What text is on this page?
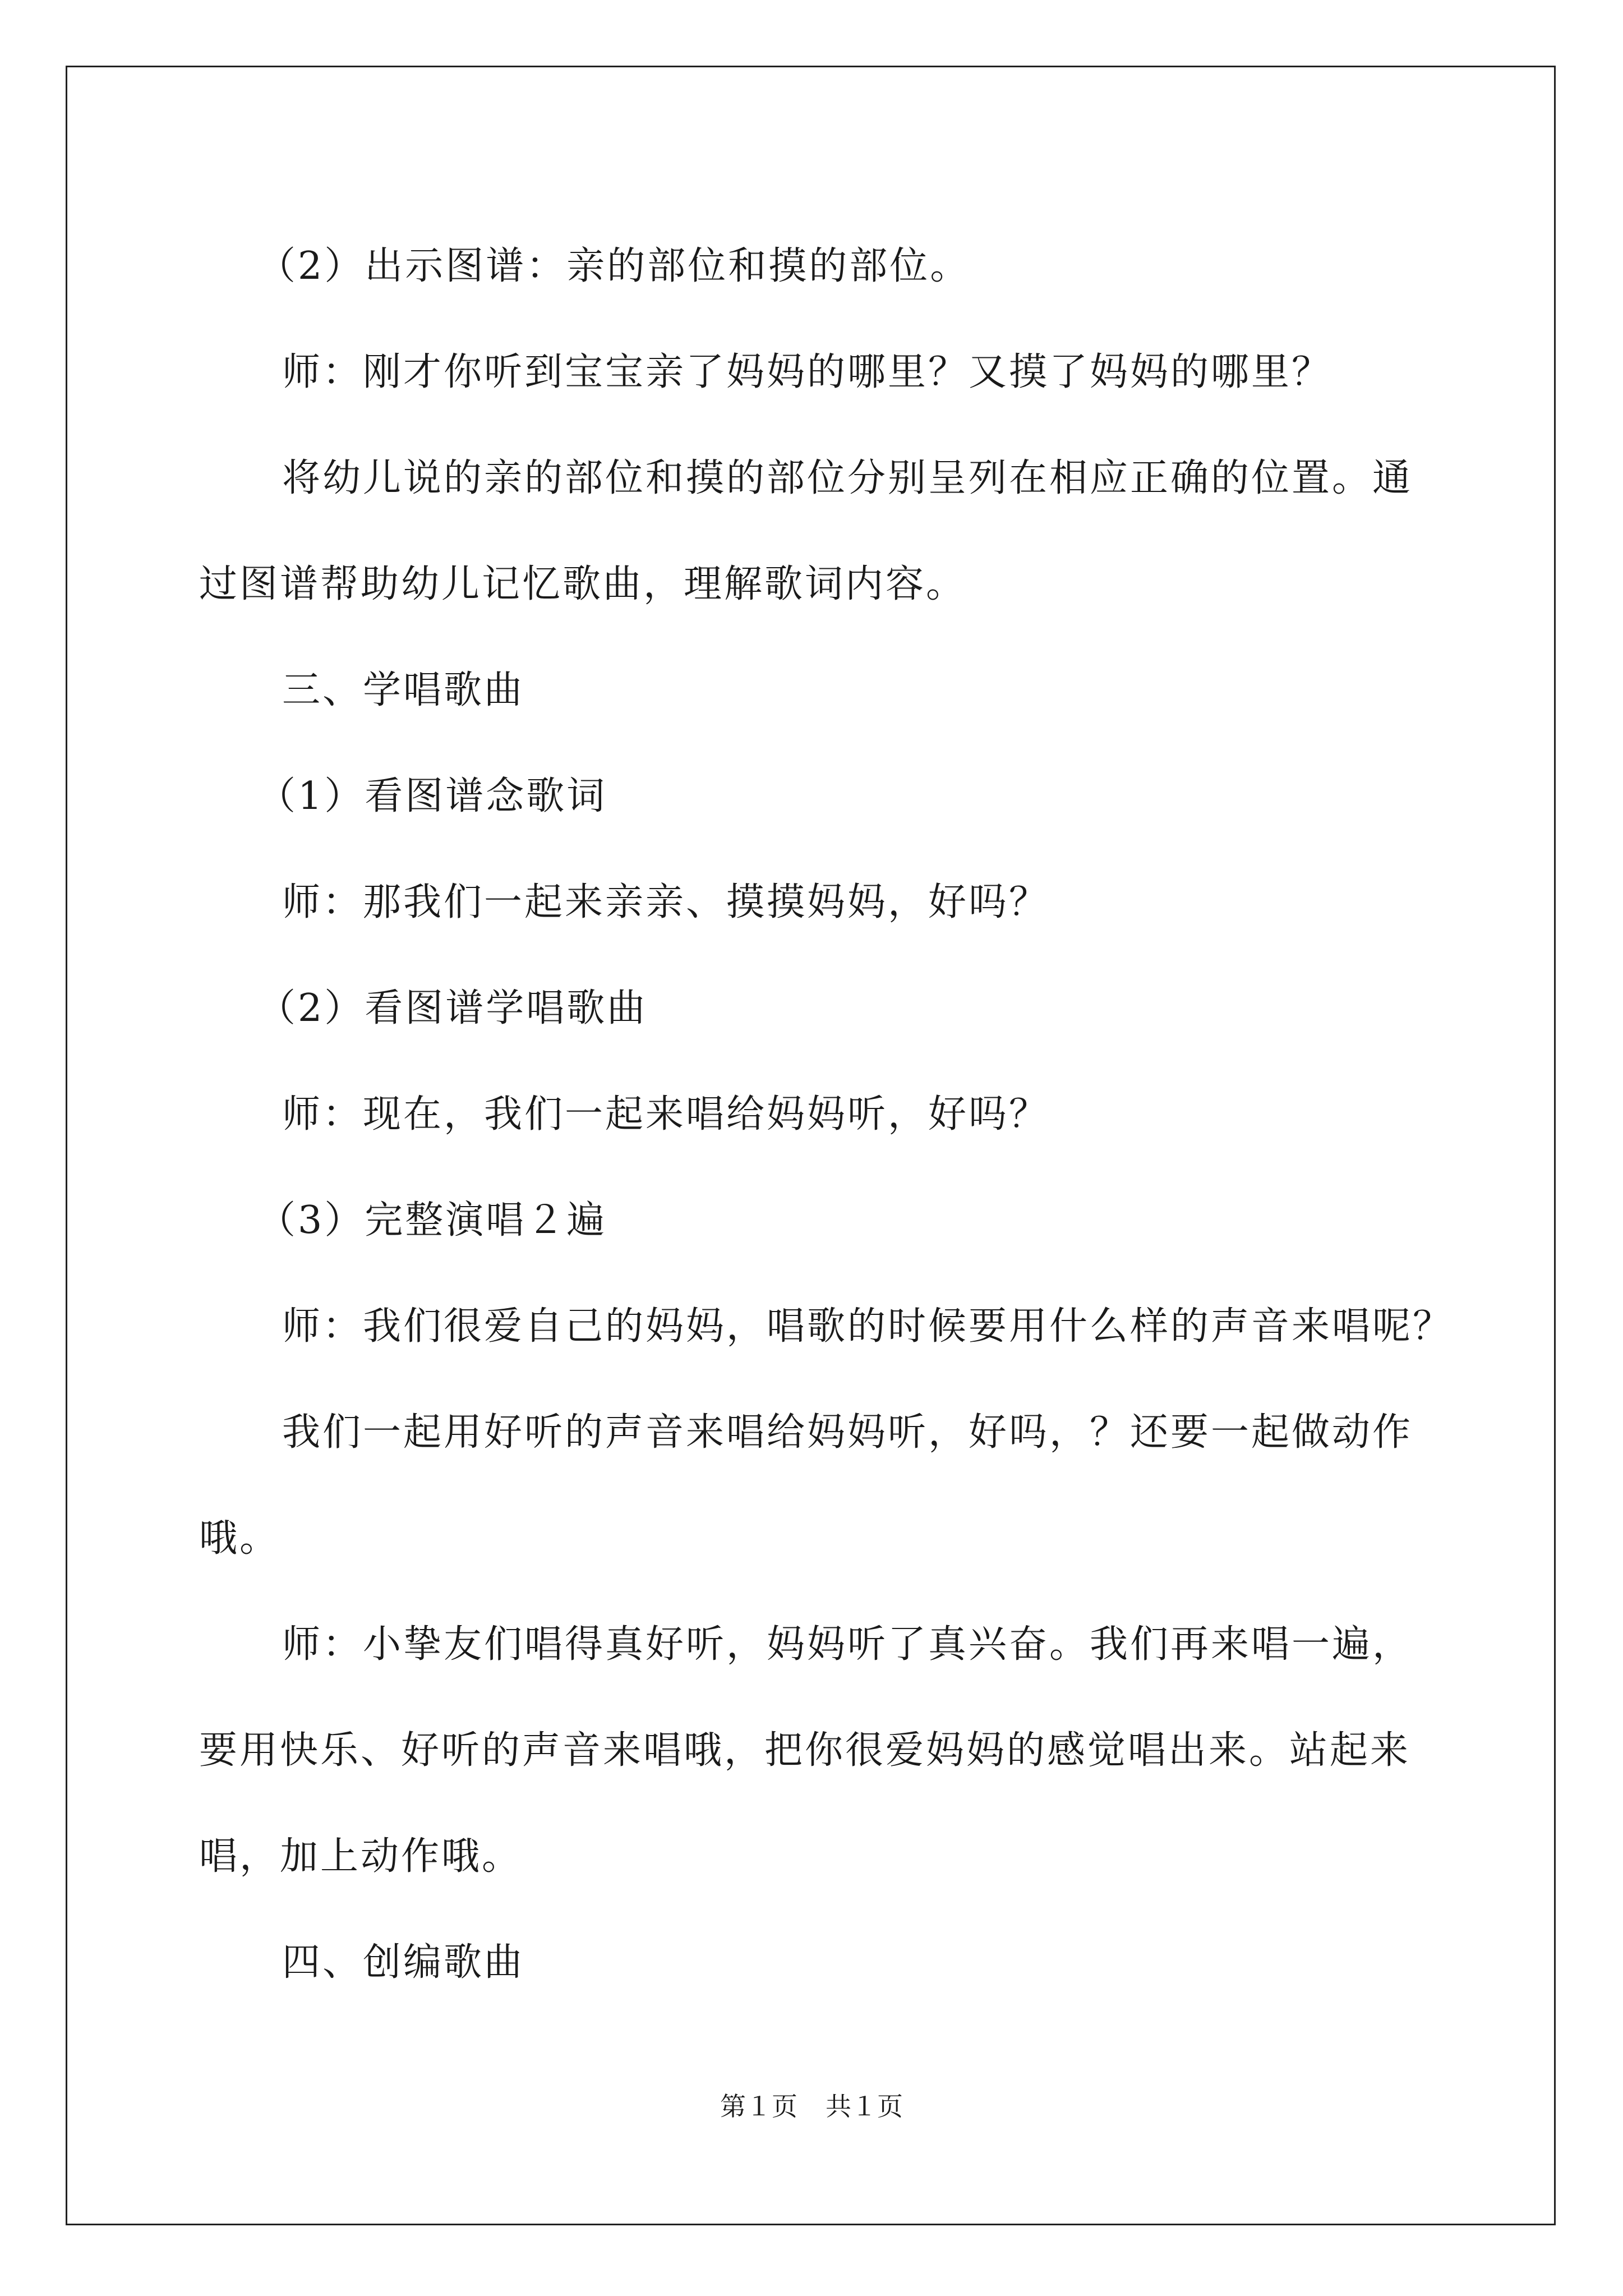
（2）出示图谱：亲的部位和摸的部位。

师：刚才你听到宝宝亲了妈妈的哪里？又摸了妈妈的哪里？

将幼儿说的亲的部位和摸的部位分别呈列在相应正确的位置。通

过图谱帮助幼儿记忆歌曲，理解歌词内容。

三、学唱歌曲

（1）看图谱念歌词

师：那我们一起来亲亲、摸摸妈妈，好吗？

（2）看图谱学唱歌曲

师：现在，我们一起来唱给妈妈听，好吗？

（3）完整演唱２遍

师：我们很爱自己的妈妈，唱歌的时候要用什么样的声音来唱呢？

我们一起用好听的声音来唱给妈妈听，好吗，？还要一起做动作

哦。

师：小挚友们唱得真好听，妈妈听了真兴奋。我们再来唱一遍，

要用快乐、好听的声音来唱哦，把你很爱妈妈的感觉唱出来。站起来

唱，加上动作哦。

四、创编歌曲

第１页 共１页
